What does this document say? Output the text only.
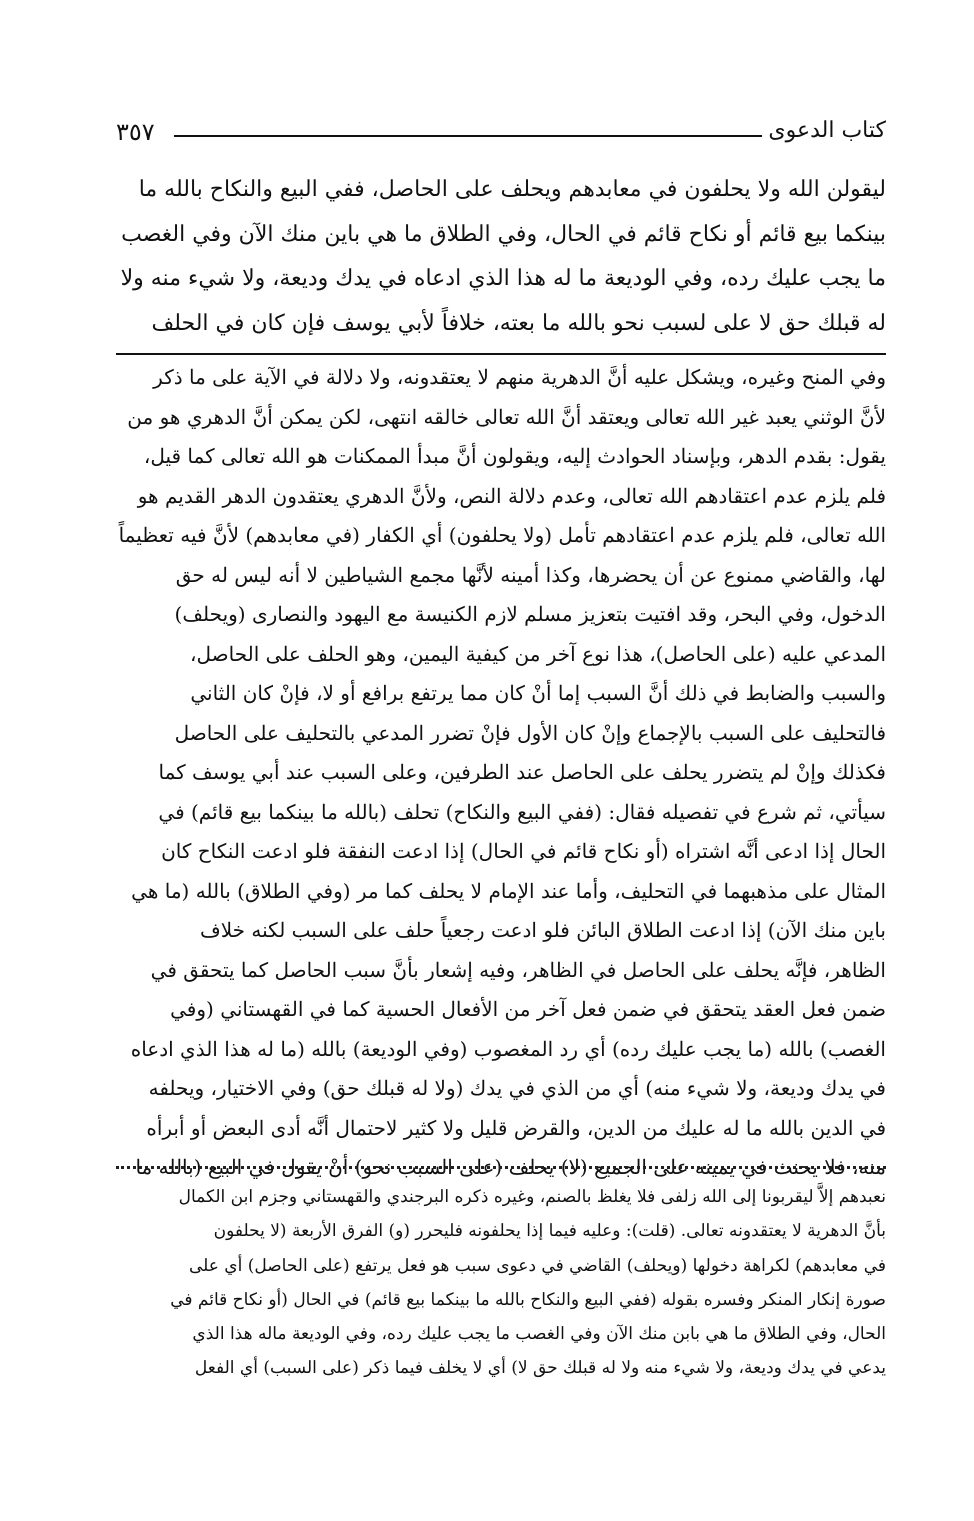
كتاب الدعوى
٣٥٧
ليقولن الله ولا يحلفون في معابدهم ويحلف على الحاصل، ففي البيع والنكاح بالله ما
بينكما بيع قائم أو نكاح قائم في الحال، وفي الطلاق ما هي باين منك الآن وفي الغصب
ما يجب عليك رده، وفي الوديعة ما له هذا الذي ادعاه في يدك وديعة، ولا شيء منه ولا
له قبلك حق لا على لسبب نحو بالله ما بعته، خلافاً لأبي يوسف فإن كان في الحلف
وفي المنح وغيره، ويشكل عليه أنَّ الدهرية منهم لا يعتقدونه، ولا دلالة في الآية على ما ذكر
لأنَّ الوثني يعبد غير الله تعالى ويعتقد أنَّ الله تعالى خالقه انتهى، لكن يمكن أنَّ الدهري هو من
يقول: بقدم الدهر، وبإسناد الحوادث إليه، ويقولون أنَّ مبدأ الممكنات هو الله تعالى كما قيل،
فلم يلزم عدم اعتقادهم الله تعالى، وعدم دلالة النص، ولأنَّ الدهري يعتقدون الدهر القديم هو
الله تعالى، فلم يلزم عدم اعتقادهم تأمل (ولا يحلفون) أي الكفار (في معابدهم) لأنَّ فيه تعظيماً
لها، والقاضي ممنوع عن أن يحضرها، وكذا أمينه لأنَّها مجمع الشياطين لا أنه ليس له حق
الدخول، وفي البحر، وقد افتيت بتعزيز مسلم لازم الكنيسة مع اليهود والنصارى (ويحلف)
المدعي عليه (على الحاصل)، هذا نوع آخر من كيفية اليمين، وهو الحلف على الحاصل،
والسبب والضابط في ذلك أنَّ السبب إما أنْ كان مما يرتفع برافع أو لا، فإنْ كان الثاني
فالتحليف على السبب بالإجماع وإنْ كان الأول فإنْ تضرر المدعي بالتحليف على الحاصل
فكذلك وإنْ لم يتضرر يحلف على الحاصل عند الطرفين، وعلى السبب عند أبي يوسف كما
سيأتي، ثم شرع في تفصيله فقال: (ففي البيع والنكاح) تحلف (بالله ما بينكما بيع قائم) في
الحال إذا ادعى أنَّه اشتراه (أو نكاح قائم في الحال) إذا ادعت النفقة فلو ادعت النكاح كان
المثال على مذهبهما في التحليف، وأما عند الإمام لا يحلف كما مر (وفي الطلاق) بالله (ما هي
باين منك الآن) إذا ادعت الطلاق البائن فلو ادعت رجعياً حلف على السبب لكنه خلاف
الظاهر، فإنَّه يحلف على الحاصل في الظاهر، وفيه إشعار بأنَّ سبب الحاصل كما يتحقق في
ضمن فعل العقد يتحقق في ضمن فعل آخر من الأفعال الحسية كما في القهستاني (وفي
الغصب) بالله (ما يجب عليك رده) أي رد المغصوب (وفي الوديعة) بالله (ما له هذا الذي ادعاه
في يدك وديعة، ولا شيء منه) أي من الذي في يدك (ولا له قبلك حق) وفي الاختيار، ويحلفه
في الدين بالله ما له عليك من الدين، والقرض قليل ولا كثير لاحتمال أنَّه أدى البعض أو أبرأه
منه، فلا يحنث في يمينه على الجميع (لا) يحلف (على السبب نحو) أنْ يقول في البيع (بالله ما
نعبدهم إلاَّ ليقربونا إلى الله زلفى فلا يغلظ بالصنم، وغيره ذكره البرجندي والقهستاني وجزم ابن الكمال
بأنَّ الدهرية لا يعتقدونه تعالى. (قلت): وعليه فيما إذا يحلفونه فليحرر (و) الفرق الأربعة (لا يحلفون
في معابدهم) لكراهة دخولها (ويحلف) القاضي في دعوى سبب هو فعل يرتفع (على الحاصل) أي على
صورة إنكار المنكر وفسره بقوله (ففي البيع والنكاح بالله ما بينكما بيع قائم) في الحال (أو نكاح قائم في
الحال، وفي الطلاق ما هي بابن منك الآن وفي الغصب ما يجب عليك رده، وفي الوديعة ماله هذا الذي
يدعي في يدك وديعة، ولا شيء منه ولا له قبلك حق لا) أي لا يخلف فيما ذكر (على السبب) أي الفعل
